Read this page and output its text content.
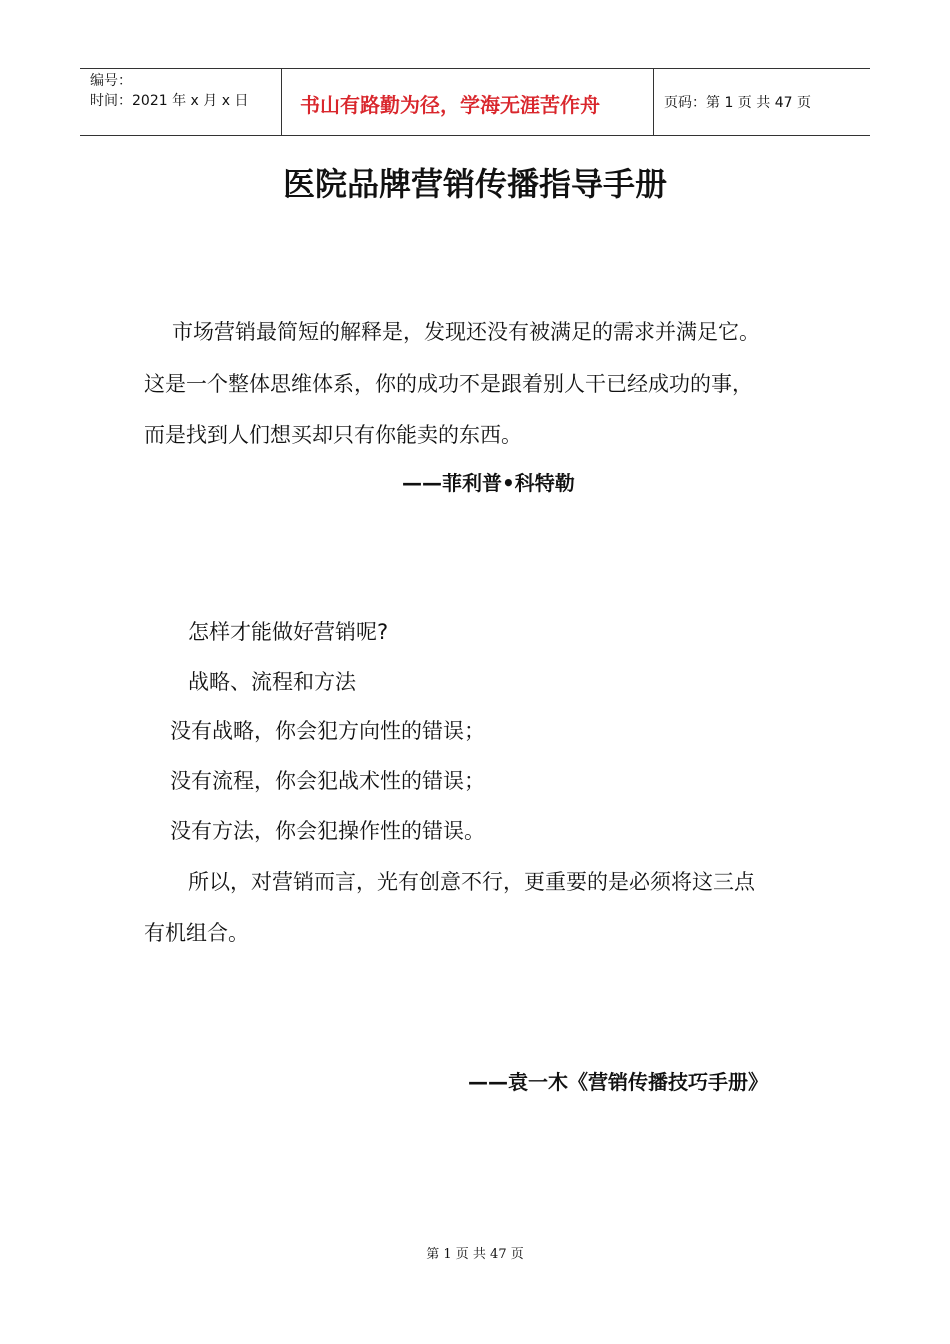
编号：
时间：2021 年 x 月 x 日	书山有路勤为径，学海无涯苦作舟	页码：第 1 页 共 47 页
医院品牌营销传播指导手册
市场营销最简短的解释是，发现还没有被满足的需求并满足它。
这是一个整体思维体系，你的成功不是跟着别人干已经成功的事，
而是找到人们想买却只有你能卖的东西。
——菲利普•科特勒
怎样才能做好营销呢?
战略、流程和方法
没有战略，你会犯方向性的错误；
没有流程，你会犯战术性的错误；
没有方法，你会犯操作性的错误。
所以，对营销而言，光有创意不行，更重要的是必须将这三点
有机组合。
——袁一木《营销传播技巧手册》
第 1 页 共 47 页
